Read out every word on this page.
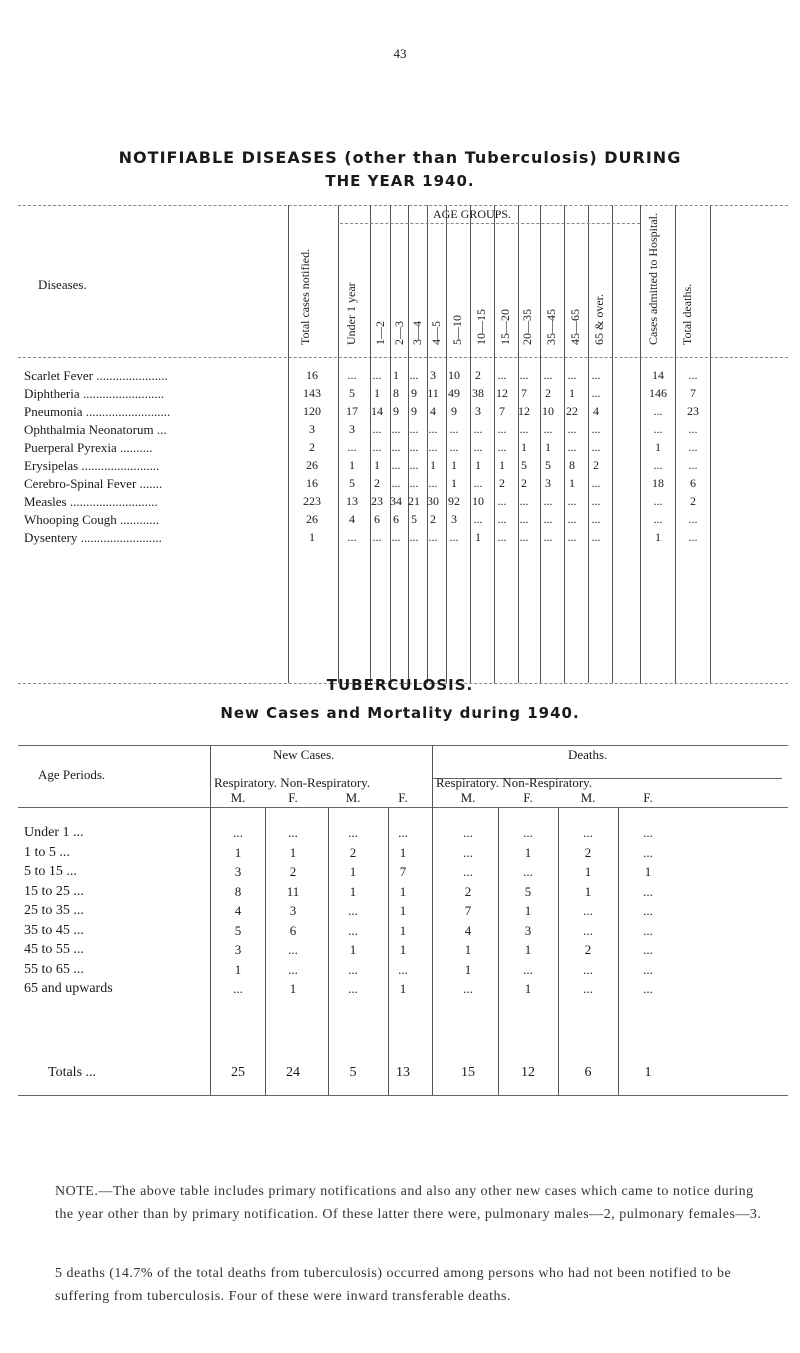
43
NOTIFIABLE DISEASES (other than Tuberculosis) DURING
THE YEAR 1940.
Diseases.
AGE GROUPS.
Total cases notified.	Cases admitted to Hospital. Total deaths.
Under 1 year 1—2 2—3 3—4 4—5 5—10 10—15 15—20 20—35 35—45 45—65 65 & over.
Scarlet Fever ......................	16	... ... 1 ... 3	10	2	... ... ... ... ...	14	...
Diphtheria .........................	143	5	1	8	9 11 49 38 12	7	2	1	...	146	7
Pneumonia ..........................	120	17 14 9	9	4	9	3	7	12 10 22	4	...	23
Ophthalmia Neonatorum ...	3	3	... ... ... ... ... ... ... ... ... ... ...	...	...
Puerperal Pyrexia ..........	2	... ... ... ... ... ... ... ...	1	1	... ...	1	...
Erysipelas ........................	26	1	1 ... ... 1	1	1	1	5	5	8	2	...	...
Cerebro-Spinal Fever .......	16	5	2 ... ... ...	1	...	2	2	3	1	...	18	6
Measles ...........................	223	13 23 34 21 30 92 10 ... ... ... ... ...	...	2
Whooping Cough ............	26	4	6	6	5	2	3	... ... ... ... ... ...	...	...
Dysentery .........................	1	... ... ... ... ... ...	1	... ... ... ... ...	1	...
TUBERCULOSIS.
New Cases and Mortality during 1940.
Age Periods.
New Cases.	Deaths.
Respiratory. Non-Respiratory.	Respiratory. Non-Respiratory.
M.	F.	M.	F.	M.	F.	M.	F.
Under 1 ...	...	...	...	...	...	...	...	...
1 to 5 ...	1	1	2	1	...	1	2	...
5 to 15 ...	3	2	1	7	...	...	1	1
15 to 25 ...	8	11	1	1	2	5	1	...
25 to 35 ...	4	3	...	1	7	1	...	...
35 to 45 ...	5	6	...	1	4	3	...	...
45 to 55 ...	3	...	1	1	1	1	2	...
55 to 65 ...	1	...	...	...	1	...	...	...
65 and upwards	...	1	...	1	...	1	...	...
Totals ...	25	24	5	13	15	12	6	1
NOTE.—The above table includes primary notifications and also any other new cases which came to notice during the year other than by primary notification. Of these latter there were, pulmonary males—2, pulmonary females—3.
5 deaths (14.7% of the total deaths from tuberculosis) occurred among persons who had not been notified to be suffering from tuberculosis. Four of these were inward transferable deaths.
